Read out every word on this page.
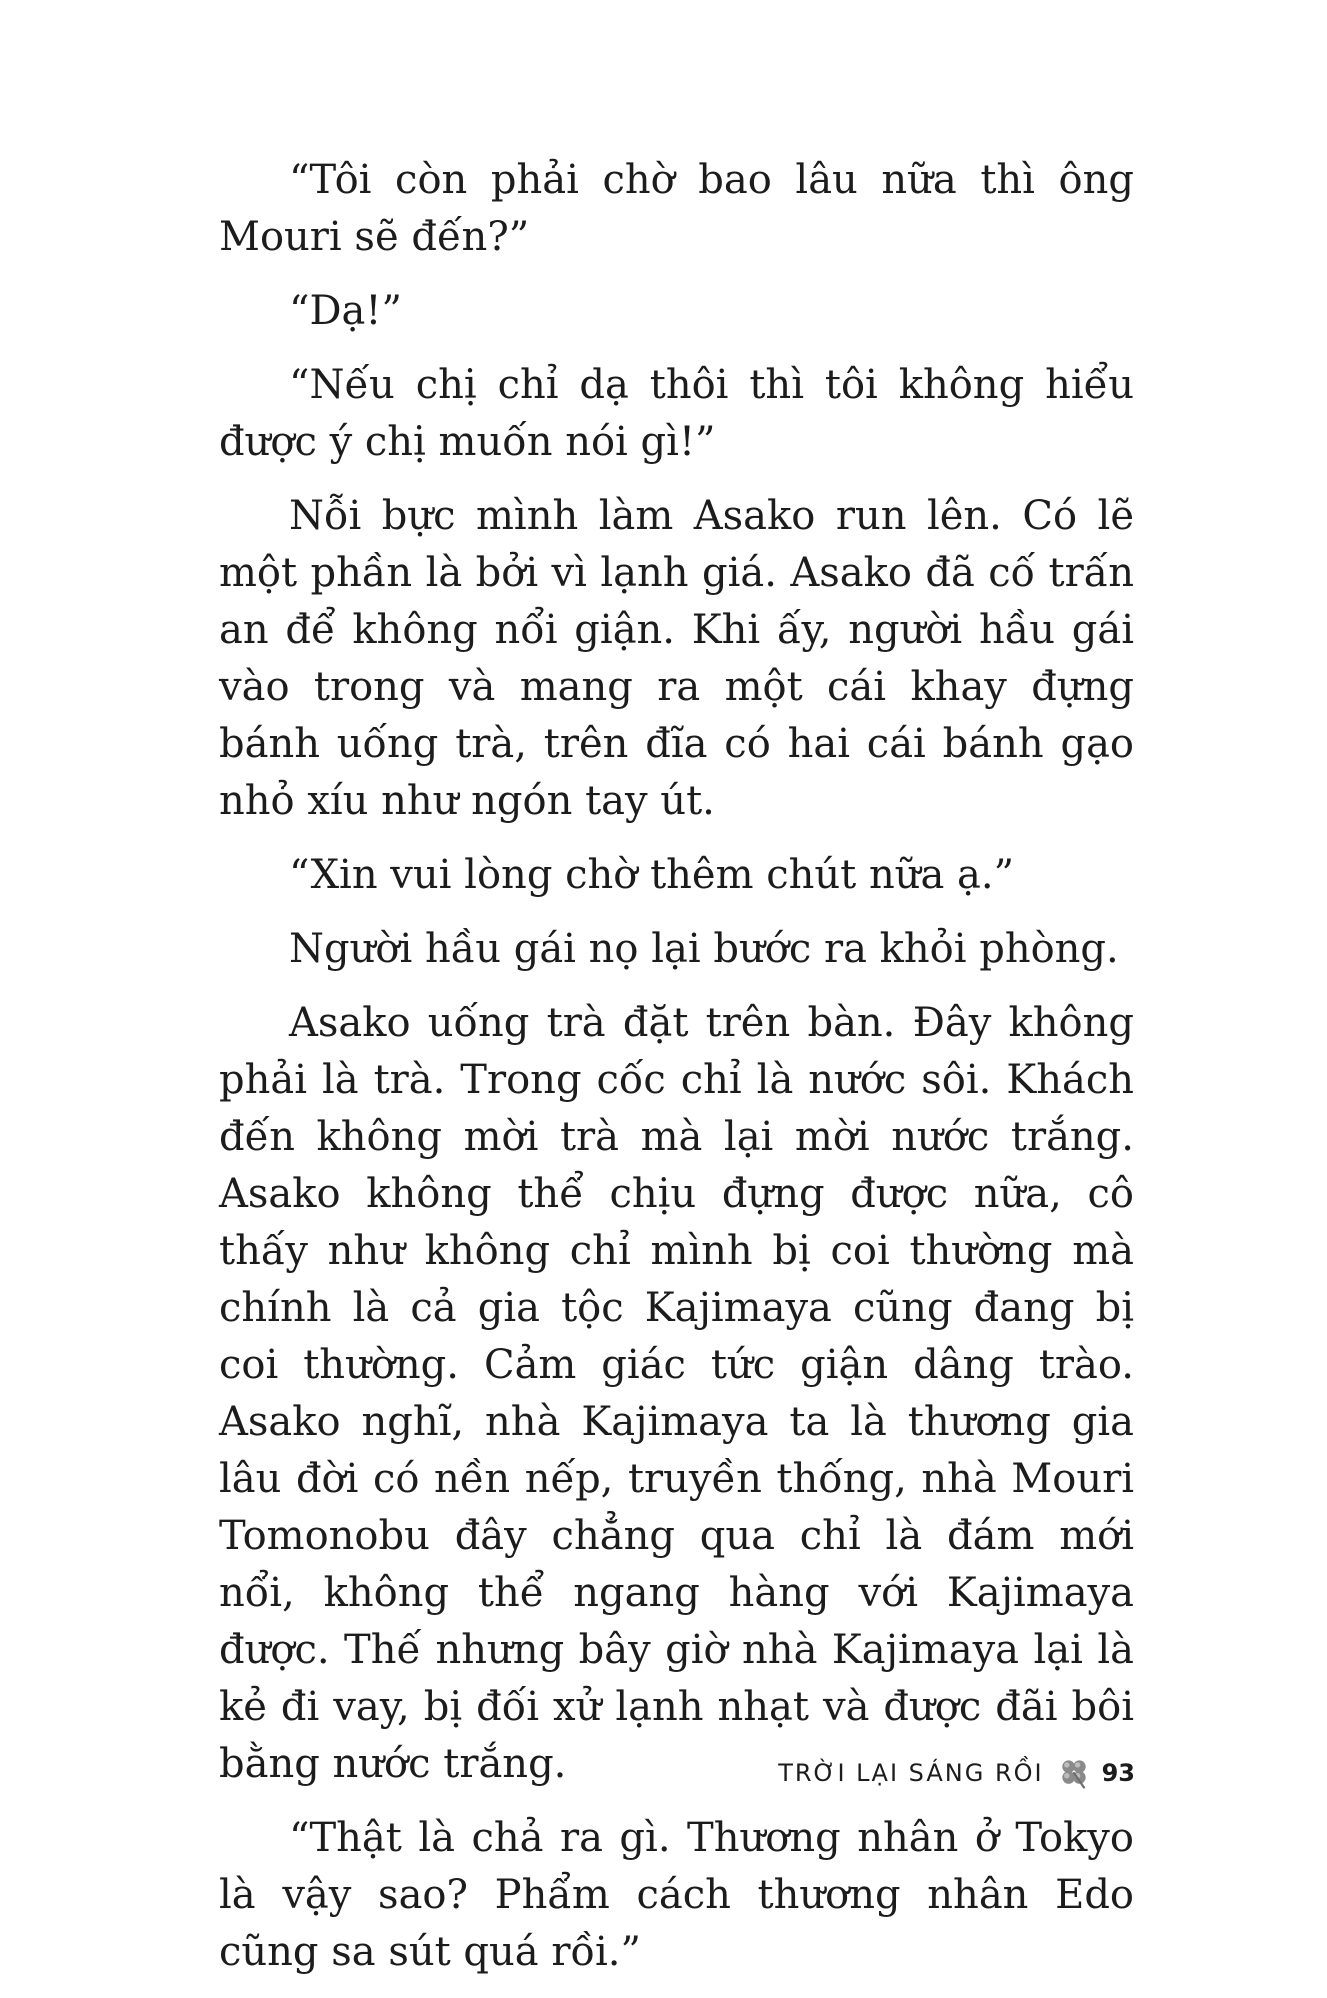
“Tôi còn phải chờ bao lâu nữa thì ông Mouri sẽ đến?”

“Dạ!”

“Nếu chị chỉ dạ thôi thì tôi không hiểu được ý chị muốn nói gì!”

Nỗi bực mình làm Asako run lên. Có lẽ một phần là bởi vì lạnh giá. Asako đã cố trấn an để không nổi giận. Khi ấy, người hầu gái vào trong và mang ra một cái khay đựng bánh uống trà, trên đĩa có hai cái bánh gạo nhỏ xíu như ngón tay út.

“Xin vui lòng chờ thêm chút nữa ạ.”

Người hầu gái nọ lại bước ra khỏi phòng.

Asako uống trà đặt trên bàn. Đây không phải là trà. Trong cốc chỉ là nước sôi. Khách đến không mời trà mà lại mời nước trắng. Asako không thể chịu đựng được nữa, cô thấy như không chỉ mình bị coi thường mà chính là cả gia tộc Kajimaya cũng đang bị coi thường. Cảm giác tức giận dâng trào. Asako nghĩ, nhà Kajimaya ta là thương gia lâu đời có nền nếp, truyền thống, nhà Mouri Tomonobu đây chẳng qua chỉ là đám mới nổi, không thể ngang hàng với Kajimaya được. Thế nhưng bây giờ nhà Kajimaya lại là kẻ đi vay, bị đối xử lạnh nhạt và được đãi bôi bằng nước trắng.

“Thật là chả ra gì. Thương nhân ở Tokyo là vậy sao? Phẩm cách thương nhân Edo cũng sa sút quá rồi.”

TRỜI LẠI SÁNG RỒI 93
